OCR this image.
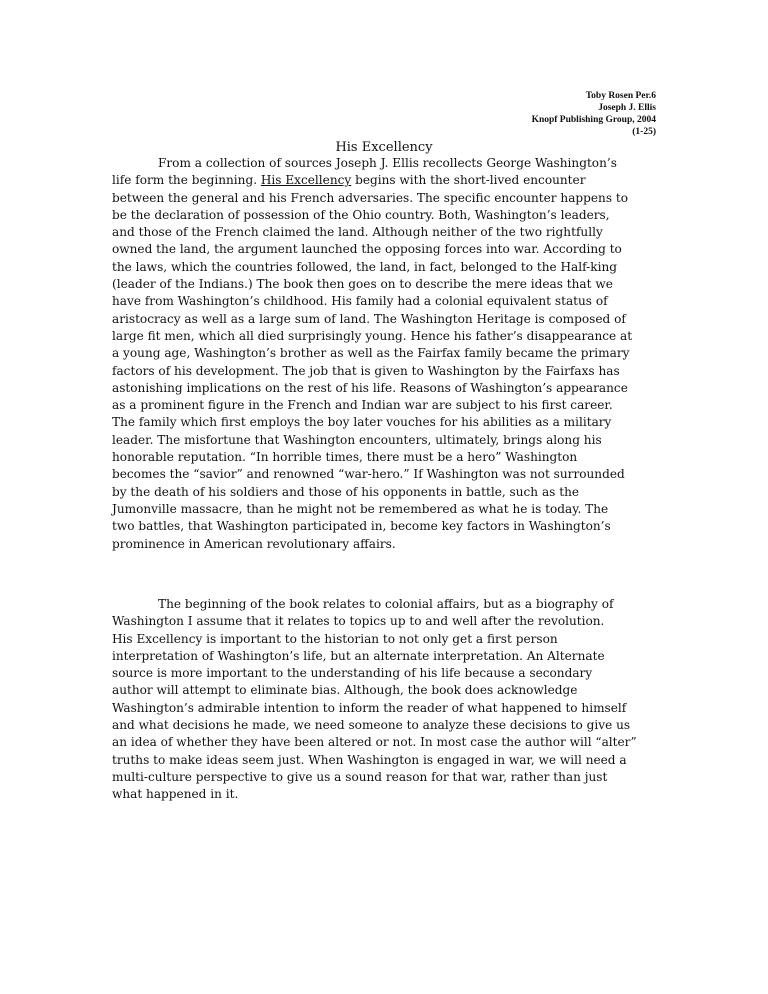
Toby Rosen Per.6
Joseph J. Ellis
Knopf Publishing Group, 2004
(1-25)
His Excellency
From a collection of sources Joseph J. Ellis recollects George Washington’s
life form the beginning. His Excellency begins with the short-lived encounter
between the general and his French adversaries. The specific encounter happens to
be the declaration of possession of the Ohio country. Both, Washington’s leaders,
and those of the French claimed the land. Although neither of the two rightfully
owned the land, the argument launched the opposing forces into war. According to
the laws, which the countries followed, the land, in fact, belonged to the Half-king
(leader of the Indians.) The book then goes on to describe the mere ideas that we
have from Washington’s childhood. His family had a colonial equivalent status of
aristocracy as well as a large sum of land. The Washington Heritage is composed of
large fit men, which all died surprisingly young. Hence his father’s disappearance at
a young age, Washington’s brother as well as the Fairfax family became the primary
factors of his development. The job that is given to Washington by the Fairfaxs has
astonishing implications on the rest of his life. Reasons of Washington’s appearance
as a prominent figure in the French and Indian war are subject to his first career.
The family which first employs the boy later vouches for his abilities as a military
leader. The misfortune that Washington encounters, ultimately, brings along his
honorable reputation. “In horrible times, there must be a hero” Washington
becomes the “savior” and renowned “war-hero.” If Washington was not surrounded
by the death of his soldiers and those of his opponents in battle, such as the
Jumonville massacre, than he might not be remembered as what he is today. The
two battles, that Washington participated in, become key factors in Washington’s
prominence in American revolutionary affairs.
The beginning of the book relates to colonial affairs, but as a biography of
Washington I assume that it relates to topics up to and well after the revolution.
His Excellency is important to the historian to not only get a first person
interpretation of Washington’s life, but an alternate interpretation. An Alternate
source is more important to the understanding of his life because a secondary
author will attempt to eliminate bias. Although, the book does acknowledge
Washington’s admirable intention to inform the reader of what happened to himself
and what decisions he made, we need someone to analyze these decisions to give us
an idea of whether they have been altered or not. In most case the author will “alter”
truths to make ideas seem just. When Washington is engaged in war, we will need a
multi-culture perspective to give us a sound reason for that war, rather than just
what happened in it.
